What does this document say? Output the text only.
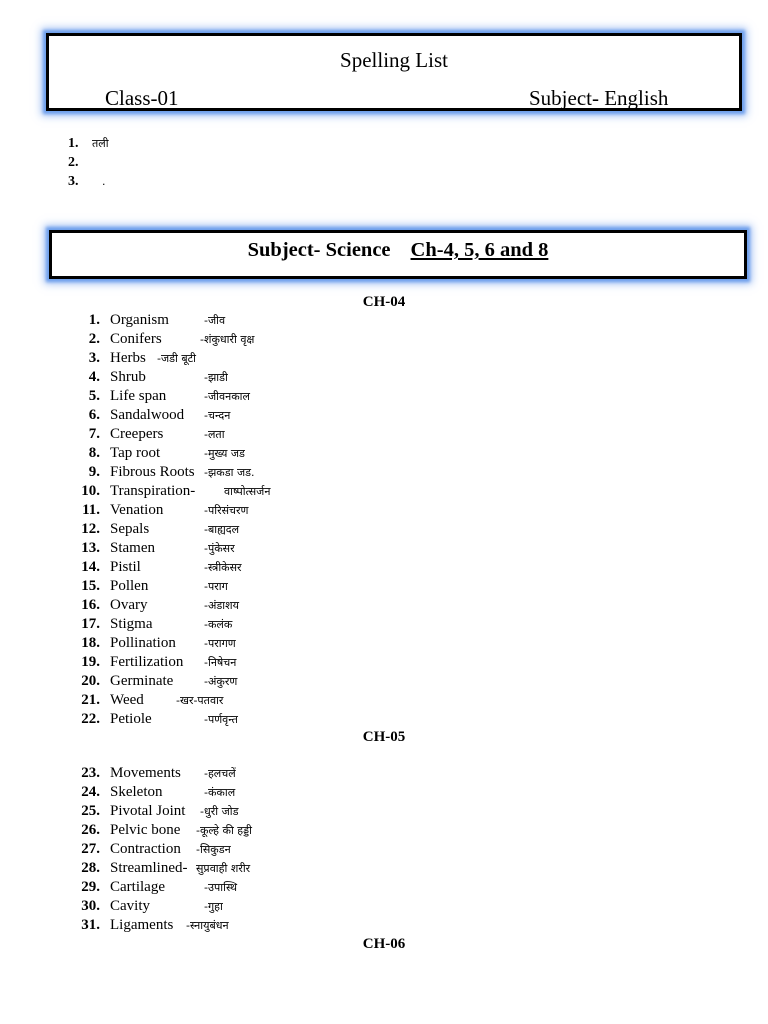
Spelling List
Class-01	Subject- English
1. तली
2.
3. .
Subject- Science Ch-4, 5, 6 and 8
CH-04
CH-05
CH-06
1. Organism	-जीव
2. Conifers	-शंकुधारी वृक्ष
3. Herbs -जडी बूटी
4. Shrub	-झाडी
5. Life span	-जीवनकाल
6. Sandalwood -चन्दन
7. Creepers	-लता
8. Tap root	-मुख्य जड
9. Fibrous Roots -झकडा जड.
10. Transpiration-	वाष्पोत्सर्जन
11. Venation	-परिसंचरण
12. Sepals	-बाह्यदल
13. Stamen	-पुंकेसर
14. Pistil	-स्त्रीकेसर
15. Pollen	-पराग
16. Ovary	-अंडाशय
17. Stigma	-कलंक
18. Pollination	-परागण
19. Fertilization -निषेचन
20. Germinate	-अंकुरण
21. Weed	-खर-पतवार
22. Petiole	-पर्णवृन्त
23. Movements -हलचलें
24. Skeleton	-कंकाल
25. Pivotal Joint -धुरी जोड
26. Pelvic bone -कूल्हे की हड्डी
27. Contraction -सिकुडन
28. Streamlined- सुप्रवाही शरीर
29. Cartilage	-उपास्थि
30. Cavity	-गुहा
31. Ligaments -स्नायुबंधन
